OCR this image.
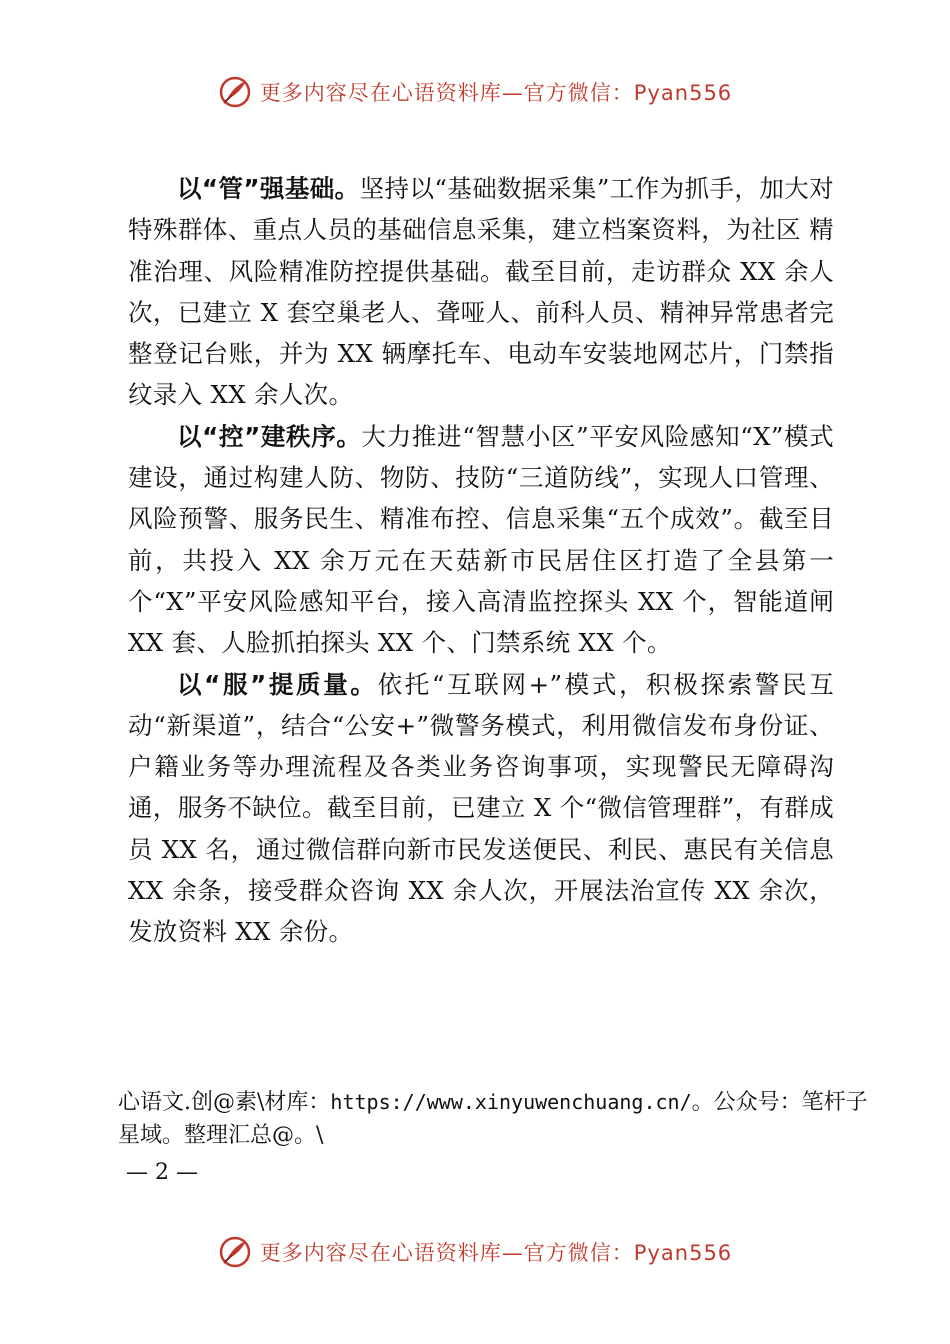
更多内容尽在心语资料库—官方微信：Pyan556

以“管”强基础。坚持以“基础数据采集”工作为抓手，加大对特殊群体、重点人员的基础信息采集，建立档案资料，为社区 精准治理、风险精准防控提供基础。截至目前，走访群众 XX 余人次，已建立 X 套空巢老人、聋哑人、前科人员、精神异常患者完整登记台账，并为 XX 辆摩托车、电动车安装地网芯片，门禁指纹录入 XX 余人次。

以“控”建秩序。大力推进“智慧小区”平安风险感知“X”模式建设，通过构建人防、物防、技防“三道防线”，实现人口管理、风险预警、服务民生、精准布控、信息采集“五个成效”。截至目前，共投入 XX 余万元在天菇新市民居住区打造了全县第一个“X”平安风险感知平台，接入高清监控探头 XX 个，智能道闸 XX 套、人脸抓拍探头 XX 个、门禁系统 XX 个。

以“服”提质量。依托“互联网+”模式，积极探索警民互动“新渠道”，结合“公安+”微警务模式，利用微信发布身份证、户籍业务等办理流程及各类业务咨询事项，实现警民无障碍沟通，服务不缺位。截至目前，已建立 X 个“微信管理群”，有群成员 XX 名，通过微信群向新市民发送便民、利民、惠民有关信息 XX 余条，接受群众咨询 XX 余人次，开展法治宣传 XX 余次，发放资料 XX 余份。

心语文.创@素\材库：https://www.xinyuwenchuang.cn/。公众号：笔杆子星域。整理汇总@。\
— 2 —
更多内容尽在心语资料库—官方微信：Pyan556
